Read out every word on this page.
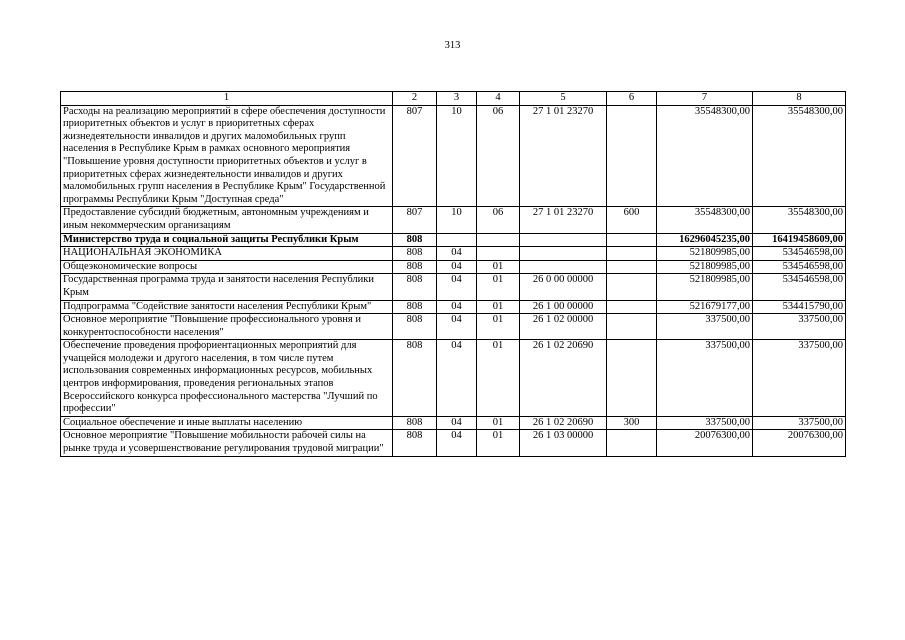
313
1	2	3	4	5	6	7	8
Расходы на реализацию мероприятий в сфере обеспечения доступности приоритетных объектов и услуг в приоритетных сферах жизнедеятельности инвалидов и других маломобильных групп населения в Республике Крым в рамках основного мероприятия "Повышение уровня доступности приоритетных объектов и услуг в приоритетных сферах жизнедеятельности инвалидов и других маломобильных групп населения в Республике Крым" Государственной программы Республики Крым "Доступная среда"	807	10	06	27 1 01 23270		35548300,00	35548300,00
Предоставление субсидий бюджетным, автономным учреждениям и иным некоммерческим организациям	807	10	06	27 1 01 23270	600	35548300,00	35548300,00
Министерство труда и социальной защиты Республики Крым	808					16296045235,00	16419458609,00
НАЦИОНАЛЬНАЯ ЭКОНОМИКА	808	04				521809985,00	534546598,00
Общеэкономические вопросы	808	04	01			521809985,00	534546598,00
Государственная программа труда и занятости населения Республики Крым	808	04	01	26 0 00 00000		521809985,00	534546598,00
Подпрограмма "Содействие занятости населения Республики Крым"	808	04	01	26 1 00 00000		521679177,00	534415790,00
Основное мероприятие "Повышение профессионального уровня и конкурентоспособности населения"	808	04	01	26 1 02 00000		337500,00	337500,00
Обеспечение проведения профориентационных мероприятий для учащейся молодежи и другого населения, в том числе путем использования современных информационных ресурсов, мобильных центров информирования, проведения региональных этапов Всероссийского конкурса профессионального мастерства "Лучший по профессии"	808	04	01	26 1 02 20690		337500,00	337500,00
Социальное обеспечение и иные выплаты населению	808	04	01	26 1 02 20690	300	337500,00	337500,00
Основное мероприятие "Повышение мобильности рабочей силы на рынке труда и усовершенствование регулирования трудовой миграции"	808	04	01	26 1 03 00000		20076300,00	20076300,00
